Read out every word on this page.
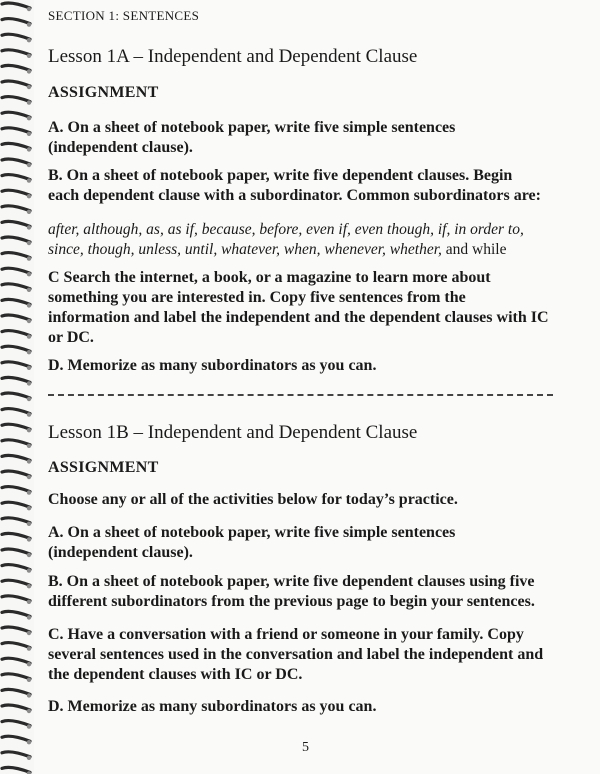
SECTION 1: SENTENCES
Lesson 1A – Independent and Dependent Clause
ASSIGNMENT
A. On a sheet of notebook paper, write five simple sentences
(independent clause).
B. On a sheet of notebook paper, write five dependent clauses. Begin
each dependent clause with a subordinator. Common subordinators are:
after, although, as, as if, because, before, even if, even though, if, in order to,
since, though, unless, until, whatever, when, whenever, whether, and while
C Search the internet, a book, or a magazine to learn more about
something you are interested in. Copy five sentences from the
information and label the independent and the dependent clauses with IC
or DC.
D. Memorize as many subordinators as you can.
Lesson 1B – Independent and Dependent Clause
ASSIGNMENT
Choose any or all of the activities below for today’s practice.
A. On a sheet of notebook paper, write five simple sentences
(independent clause).
B. On a sheet of notebook paper, write five dependent clauses using five
different subordinators from the previous page to begin your sentences.
C. Have a conversation with a friend or someone in your family. Copy
several sentences used in the conversation and label the independent and
the dependent clauses with IC or DC.
D. Memorize as many subordinators as you can.
5
